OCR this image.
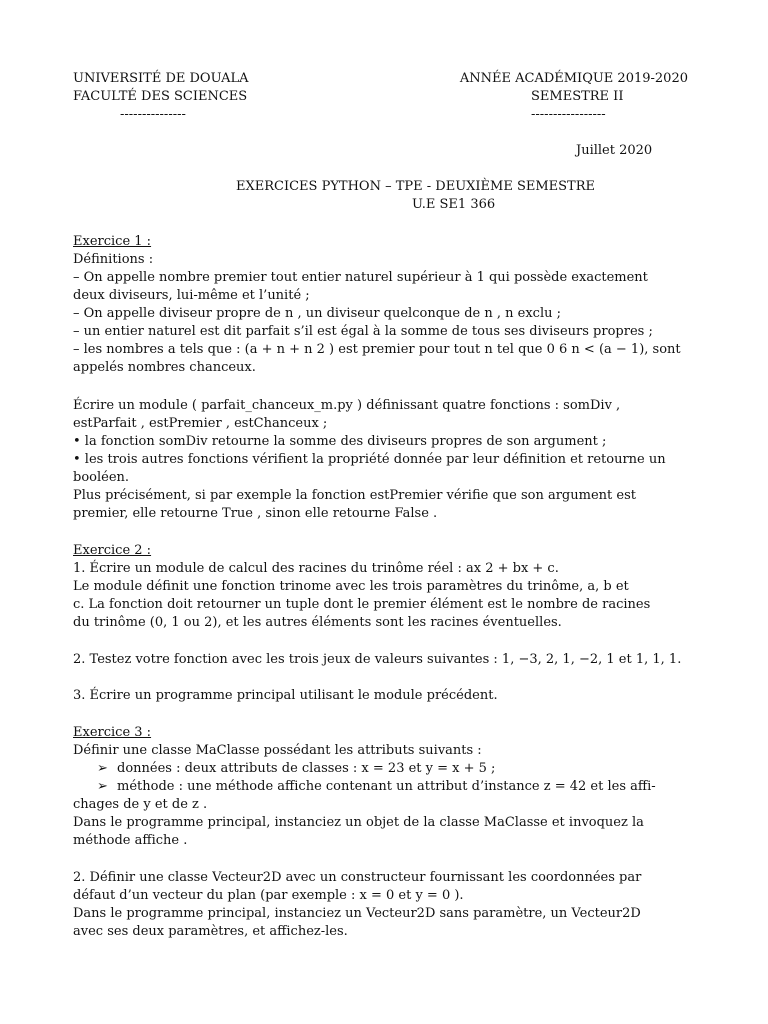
UNIVERSITÉ DE DOUALA
FACULTÉ DES SCIENCES
---------------
ANNÉE ACADÉMIQUE 2019-2020
SEMESTRE II
-----------------
Juillet 2020
EXERCICES PYTHON – TPE - DEUXIÈME SEMESTRE
U.E SE1 366
Exercice 1 :
Définitions :
– On appelle nombre premier tout entier naturel supérieur à 1 qui possède exactement
deux diviseurs, lui-même et l’unité ;
– On appelle diviseur propre de n , un diviseur quelconque de n , n exclu ;
– un entier naturel est dit parfait s’il est égal à la somme de tous ses diviseurs propres ;
– les nombres a tels que : (a + n + n 2 ) est premier pour tout n tel que 0 6 n < (a − 1), sont
appelés nombres chanceux.
Écrire un module ( parfait_chanceux_m.py ) définissant quatre fonctions : somDiv ,
estParfait , estPremier , estChanceux ;
• la fonction somDiv retourne la somme des diviseurs propres de son argument ;
• les trois autres fonctions vérifient la propriété donnée par leur définition et retourne un
booléen.
Plus précisément, si par exemple la fonction estPremier vérifie que son argument est
premier, elle retourne True , sinon elle retourne False .
Exercice 2 :
1. Écrire un module de calcul des racines du trinôme réel : ax 2 + bx + c.
Le module définit une fonction trinome avec les trois paramètres du trinôme, a, b et
c. La fonction doit retourner un tuple dont le premier élément est le nombre de racines
du trinôme (0, 1 ou 2), et les autres éléments sont les racines éventuelles.
2. Testez votre fonction avec les trois jeux de valeurs suivantes : 1, −3, 2, 1, −2, 1 et 1, 1, 1.
3. Écrire un programme principal utilisant le module précédent.
Exercice 3 :
Définir une classe MaClasse possédant les attributs suivants :
➢ données : deux attributs de classes : x = 23 et y = x + 5 ;
➢ méthode : une méthode affiche contenant un attribut d’instance z = 42 et les affi-
chages de y et de z .
Dans le programme principal, instanciez un objet de la classe MaClasse et invoquez la
méthode affiche .
2. Définir une classe Vecteur2D avec un constructeur fournissant les coordonnées par
défaut d’un vecteur du plan (par exemple : x = 0 et y = 0 ).
Dans le programme principal, instanciez un Vecteur2D sans paramètre, un Vecteur2D
avec ses deux paramètres, et affichez-les.
